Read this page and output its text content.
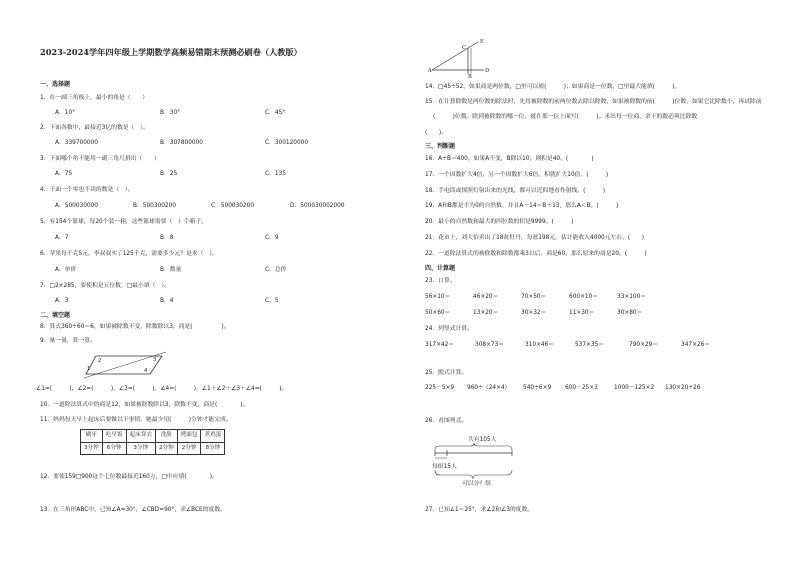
2023-2024学年四年级上学期数学高频易错期末预测必刷卷（人教版）
一、选择题
1．在一副三角板上，最小的角是（　　）
A．10°	B．30°	C．45°
2．下面各数中，最接近3亿的数是（　）。
A．339700000	B．307800000	C．300120000
3．下面哪个角不能用一副三角尺拼出（　　）
A．75	B．25	C．135
4．下面一个零也不读的数是（　）。
A．500030000	B．500300200	C．500030200	D．500030002000
5．有154个篮球，每20个装一箱，这些篮球需要（　）个箱子。
A．7	B．8	C．9
6．苹果每千克5元，李叔叔买了125千克，需要多少元？是求（　）。
A．单价	B．数量	C．总价
7．□2×285，要使积是五位数，□最小填（　）。
A．3	B．4	C．5
二、填空题
8．算式360÷60＝6，如果被除数不变，除数除以3，商是(　　　　　)。
9．量一量，算一算。
1
2	3
4
∠1=(　　　)，∠2=(　　　)，∠3=(　　　)，∠4=(　　　)，∠1＋∠2＋∠3＋∠4=(　　　)。
10．一道除法算式中的商是12，如果被除数除以3，除数不变，商是(　　　　)。
11．妈妈每天早上起床后要做以下事情，她最少用(　　　)分钟才能完成。
刷牙	吃早饭	起床穿衣	洗脸	烤面包	煮鸡蛋
3分钟	6分钟	3分钟	2分钟	2分钟	8分钟
12．要使159□900这个七位数最接近160万，□中应填(　　　　)。
13．在三角形ABC中，已知∠A=30°，∠CBD=90°，求∠BCE的度数。
A
B
C
D
E
14．□45÷52，如果商是两位数，□里可以填(　　　)；如果商是一位数，□里最大能填(　　　)。
15．在计算除数是两位数的除法时，先用被除数的前两位数去除以除数，如果被除数的前(　　　)位数，如果它比除数小，再试除前
(　　　)位数。除到被除数的哪一位，就在那一位上面写(　　　)。求出每一位商，余下的数必须比除数
(　　)。
三、判断题
16．A÷B＝400，如果A不变，B除以10，则积是40。(　　　　)
17．一个因数扩大4倍，另一个因数扩大6倍，积就扩大10倍。(　　　)
18．手电筒或探照灯射出来的光线，都可以近似地看作射线。(　　　)
19．A和B都是不为0的自然数，并且A－14＝B＋13，那么A＜B。(　　　)
20．最小的自然数和最大的四位数的积是9999。(　　　)
21．花市上，刘大伯卖出了18盆牡丹，每盆198元，估计能收入4000元左右。(　　)
22．一道除法算式的被除数和除数都乘3以后，商是60，那么原来的商是20。(　　　)
四、计算题
23．口算。
56×10＝	46×20＝	70×50＝	600×10＝	33×100＝
50×60＝	13×20＝	30×32＝	11×30＝	30×80＝
24．列竖式计算。
317×42＝	308×73＝	310×46＝	537×35＝	790×29＝	347×26＝
25．脱式计算。
225－5×9 960÷（24×4） 540÷6×9 600－25×3	1000－125×2 130×20÷26
26．看图列式。
共有105人
每组15人
可以分？组
27．已知∠1＝25°，求∠2和∠3的度数。
